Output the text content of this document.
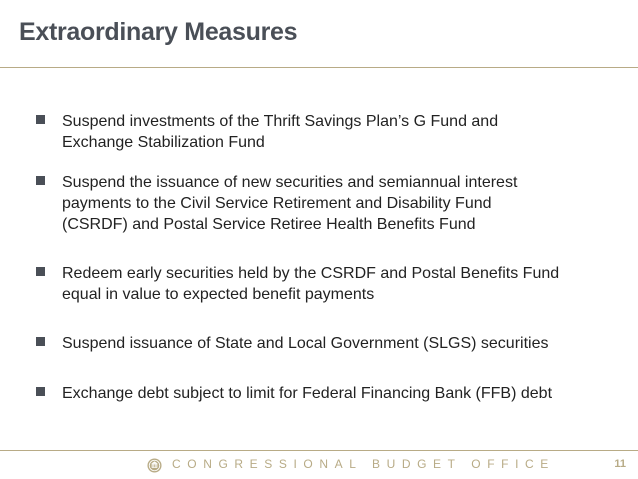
Extraordinary Measures
Suspend investments of the Thrift Savings Plan’s G Fund and
Exchange Stabilization Fund
Suspend the issuance of new securities and semiannual interest
payments to the Civil Service Retirement and Disability Fund
(CSRDF) and Postal Service Retiree Health Benefits Fund
Redeem early securities held by the CSRDF and Postal Benefits Fund
equal in value to expected benefit payments
Suspend issuance of State and Local Government (SLGS) securities
Exchange debt subject to limit for Federal Financing Bank (FFB) debt
CONGRESSIONAL BUDGET OFFICE	11
